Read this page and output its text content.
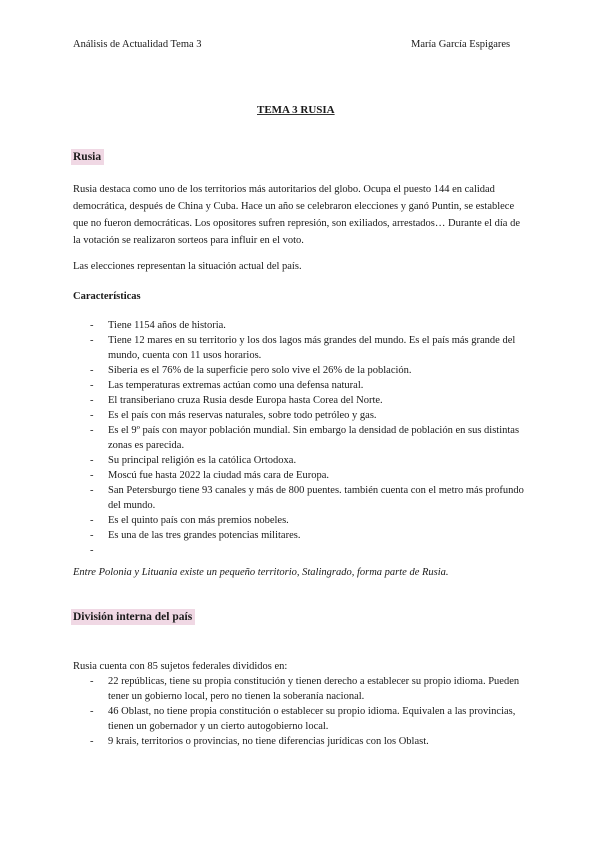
Análisis de Actualidad Tema 3	María García Espigares
TEMA 3 RUSIA
Rusia
Rusia destaca como uno de los territorios más autoritarios del globo. Ocupa el puesto 144 en calidad democrática, después de China y Cuba. Hace un año se celebraron elecciones y ganó Puntin, se establece que no fueron democráticas. Los opositores sufren represión, son exiliados, arrestados… Durante el día de la votación se realizaron sorteos para influir en el voto.
Las elecciones representan la situación actual del país.
Características
- Tiene 1154 años de historia.
- Tiene 12 mares en su territorio y los dos lagos más grandes del mundo. Es el país más grande del mundo, cuenta con 11 usos horarios.
- Siberia es el 76% de la superficie pero solo vive el 26% de la población.
- Las temperaturas extremas actúan como una defensa natural.
- El transiberiano cruza Rusia desde Europa hasta Corea del Norte.
- Es el país con más reservas naturales, sobre todo petróleo y gas.
- Es el 9º país con mayor población mundial. Sin embargo la densidad de población en sus distintas zonas es parecida.
- Su principal religión es la católica Ortodoxa.
- Moscú fue hasta 2022 la ciudad más cara de Europa.
- San Petersburgo tiene 93 canales y más de 800 puentes. también cuenta con el metro más profundo del mundo.
- Es el quinto país con más premios nobeles.
- Es una de las tres grandes potencias militares.
-
Entre Polonia y Lituania existe un pequeño territorio, Stalingrado, forma parte de Rusia.
División interna del país
Rusia cuenta con 85 sujetos federales divididos en:
- 22 repúblicas, tiene su propia constitución y tienen derecho a establecer su propio idioma. Pueden tener un gobierno local, pero no tienen la soberanía nacional.
- 46 Oblast, no tiene propia constitución o establecer su propio idioma. Equivalen a las provincias, tienen un gobernador y un cierto autogobierno local.
- 9 krais, territorios o provincias, no tiene diferencias jurídicas con los Oblast.
